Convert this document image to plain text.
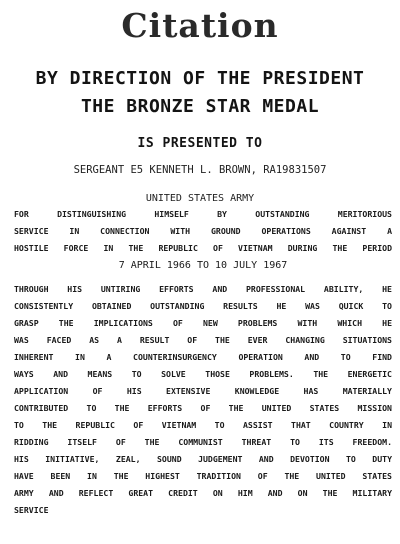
Citation
BY DIRECTION OF THE PRESIDENT
THE BRONZE STAR MEDAL
IS PRESENTED TO
SERGEANT E5 KENNETH L. BROWN, RA19831507
UNITED STATES ARMY
FOR DISTINGUISHING HIMSELF BY OUTSTANDING MERITORIOUS
SERVICE IN CONNECTION WITH GROUND OPERATIONS AGAINST A
HOSTILE FORCE IN THE REPUBLIC OF VIETNAM DURING THE PERIOD
7 APRIL 1966 TO 10 JULY 1967
THROUGH HIS UNTIRING EFFORTS AND PROFESSIONAL ABILITY, HE
CONSISTENTLY OBTAINED OUTSTANDING RESULTS HE WAS QUICK TO
GRASP THE IMPLICATIONS OF NEW PROBLEMS WITH WHICH HE
WAS FACED AS A RESULT OF THE EVER CHANGING SITUATIONS
INHERENT IN A COUNTERINSURGENCY OPERATION AND TO FIND
WAYS AND MEANS TO SOLVE THOSE PROBLEMS. THE ENERGETIC
APPLICATION OF HIS EXTENSIVE KNOWLEDGE HAS MATERIALLY
CONTRIBUTED TO THE EFFORTS OF THE UNITED STATES MISSION
TO THE REPUBLIC OF VIETNAM TO ASSIST THAT COUNTRY IN
RIDDING ITSELF OF THE COMMUNIST THREAT TO ITS FREEDOM.
HIS INITIATIVE, ZEAL, SOUND JUDGEMENT AND DEVOTION TO DUTY
HAVE BEEN IN THE HIGHEST TRADITION OF THE UNITED STATES
ARMY AND REFLECT GREAT CREDIT ON HIM AND ON THE MILITARY
SERVICE
